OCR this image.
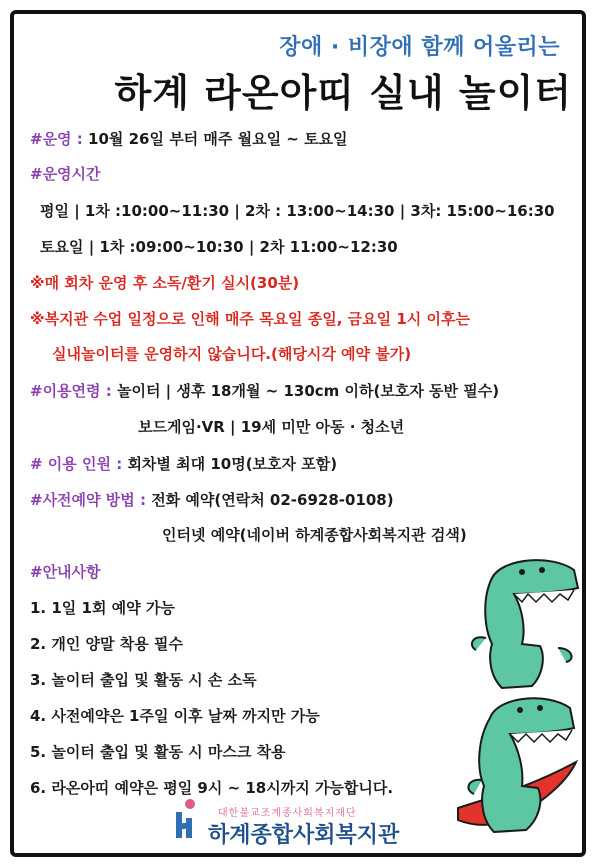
장애 · 비장애 함께 어울리는
하계 라온아띠 실내 놀이터
#운영 : 10월 26일 부터 매주 월요일 ~ 토요일
#운영시간
평일 | 1차 :10:00~11:30 | 2차 : 13:00~14:30 | 3차: 15:00~16:30
토요일 | 1차 :09:00~10:30 | 2차 11:00~12:30
※매 회차 운영 후 소독/환기 실시(30분)
※복지관 수업 일정으로 인해 매주 목요일 종일, 금요일 1시 이후는
실내놀이터를 운영하지 않습니다.(해당시각 예약 불가)
#이용연령 : 놀이터 | 생후 18개월 ~ 130cm 이하(보호자 동반 필수)
보드게임·VR | 19세 미만 아동 · 청소년
# 이용 인원 : 회차별 최대 10명(보호자 포함)
#사전예약 방법 : 전화 예약(연락처 02-6928-0108)
인터넷 예약(네이버 하계종합사회복지관 검색)
#안내사항
1. 1일 1회 예약 가능
2. 개인 양말 착용 필수
3. 놀이터 출입 및 활동 시 손 소독
4. 사전예약은 1주일 이후 날짜 까지만 가능
5. 놀이터 출입 및 활동 시 마스크 착용
6. 라온아띠 예약은 평일 9시 ~ 18시까지 가능합니다.
대한불교조계종사회복지재단
하계종합사회복지관
